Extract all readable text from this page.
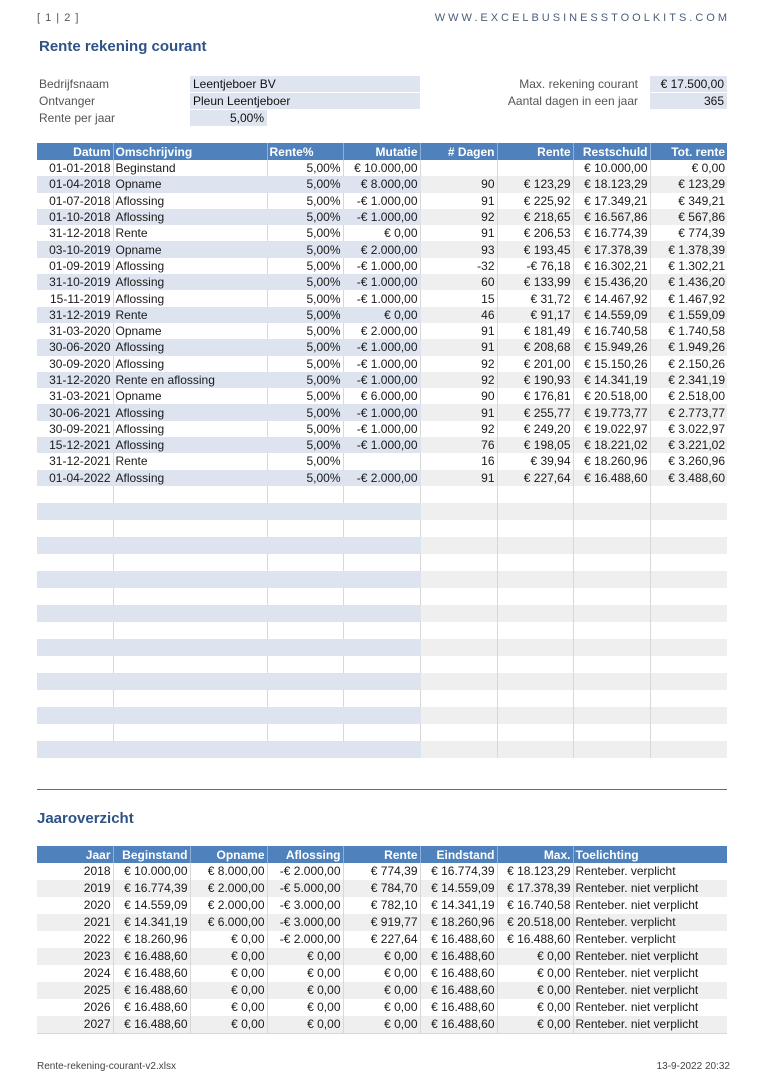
[ 1 | 2 ]	WWW.EXCELBUSINESSTOOLKITS.COM
Rente rekening courant
Bedrijfsnaam	Leentjeboer BV
Ontvanger	Pleun Leentjeboer
Rente per jaar	5,00%
Max. rekening courant	€ 17.500,00
Aantal dagen in een jaar	365
Datum	Omschrijving	Rente%	Mutatie	# Dagen	Rente	Restschuld	Tot. rente
01-01-2018	Beginstand	5,00%	€ 10.000,00			€ 10.000,00	€ 0,00
01-04-2018	Opname	5,00%	€ 8.000,00	90	€ 123,29	€ 18.123,29	€ 123,29
01-07-2018	Aflossing	5,00%	-€ 1.000,00	91	€ 225,92	€ 17.349,21	€ 349,21
01-10-2018	Aflossing	5,00%	-€ 1.000,00	92	€ 218,65	€ 16.567,86	€ 567,86
31-12-2018	Rente	5,00%	€ 0,00	91	€ 206,53	€ 16.774,39	€ 774,39
03-10-2019	Opname	5,00%	€ 2.000,00	93	€ 193,45	€ 17.378,39	€ 1.378,39
01-09-2019	Aflossing	5,00%	-€ 1.000,00	-32	-€ 76,18	€ 16.302,21	€ 1.302,21
31-10-2019	Aflossing	5,00%	-€ 1.000,00	60	€ 133,99	€ 15.436,20	€ 1.436,20
15-11-2019	Aflossing	5,00%	-€ 1.000,00	15	€ 31,72	€ 14.467,92	€ 1.467,92
31-12-2019	Rente	5,00%	€ 0,00	46	€ 91,17	€ 14.559,09	€ 1.559,09
31-03-2020	Opname	5,00%	€ 2.000,00	91	€ 181,49	€ 16.740,58	€ 1.740,58
30-06-2020	Aflossing	5,00%	-€ 1.000,00	91	€ 208,68	€ 15.949,26	€ 1.949,26
30-09-2020	Aflossing	5,00%	-€ 1.000,00	92	€ 201,00	€ 15.150,26	€ 2.150,26
31-12-2020	Rente en aflossing	5,00%	-€ 1.000,00	92	€ 190,93	€ 14.341,19	€ 2.341,19
31-03-2021	Opname	5,00%	€ 6.000,00	90	€ 176,81	€ 20.518,00	€ 2.518,00
30-06-2021	Aflossing	5,00%	-€ 1.000,00	91	€ 255,77	€ 19.773,77	€ 2.773,77
30-09-2021	Aflossing	5,00%	-€ 1.000,00	92	€ 249,20	€ 19.022,97	€ 3.022,97
15-12-2021	Aflossing	5,00%	-€ 1.000,00	76	€ 198,05	€ 18.221,02	€ 3.221,02
31-12-2021	Rente	5,00%		16	€ 39,94	€ 18.260,96	€ 3.260,96
01-04-2022	Aflossing	5,00%	-€ 2.000,00	91	€ 227,64	€ 16.488,60	€ 3.488,60

Jaaroverzicht
Jaar	Beginstand	Opname	Aflossing	Rente	Eindstand	Max.	Toelichting
2018	€ 10.000,00	€ 8.000,00	-€ 2.000,00	€ 774,39	€ 16.774,39	€ 18.123,29	Renteber. verplicht
2019	€ 16.774,39	€ 2.000,00	-€ 5.000,00	€ 784,70	€ 14.559,09	€ 17.378,39	Renteber. niet verplicht
2020	€ 14.559,09	€ 2.000,00	-€ 3.000,00	€ 782,10	€ 14.341,19	€ 16.740,58	Renteber. niet verplicht
2021	€ 14.341,19	€ 6.000,00	-€ 3.000,00	€ 919,77	€ 18.260,96	€ 20.518,00	Renteber. verplicht
2022	€ 18.260,96	€ 0,00	-€ 2.000,00	€ 227,64	€ 16.488,60	€ 16.488,60	Renteber. verplicht
2023	€ 16.488,60	€ 0,00	€ 0,00	€ 0,00	€ 16.488,60	€ 0,00	Renteber. niet verplicht
2024	€ 16.488,60	€ 0,00	€ 0,00	€ 0,00	€ 16.488,60	€ 0,00	Renteber. niet verplicht
2025	€ 16.488,60	€ 0,00	€ 0,00	€ 0,00	€ 16.488,60	€ 0,00	Renteber. niet verplicht
2026	€ 16.488,60	€ 0,00	€ 0,00	€ 0,00	€ 16.488,60	€ 0,00	Renteber. niet verplicht
2027	€ 16.488,60	€ 0,00	€ 0,00	€ 0,00	€ 16.488,60	€ 0,00	Renteber. niet verplicht
Rente-rekening-courant-v2.xlsx	13-9-2022 20:32
